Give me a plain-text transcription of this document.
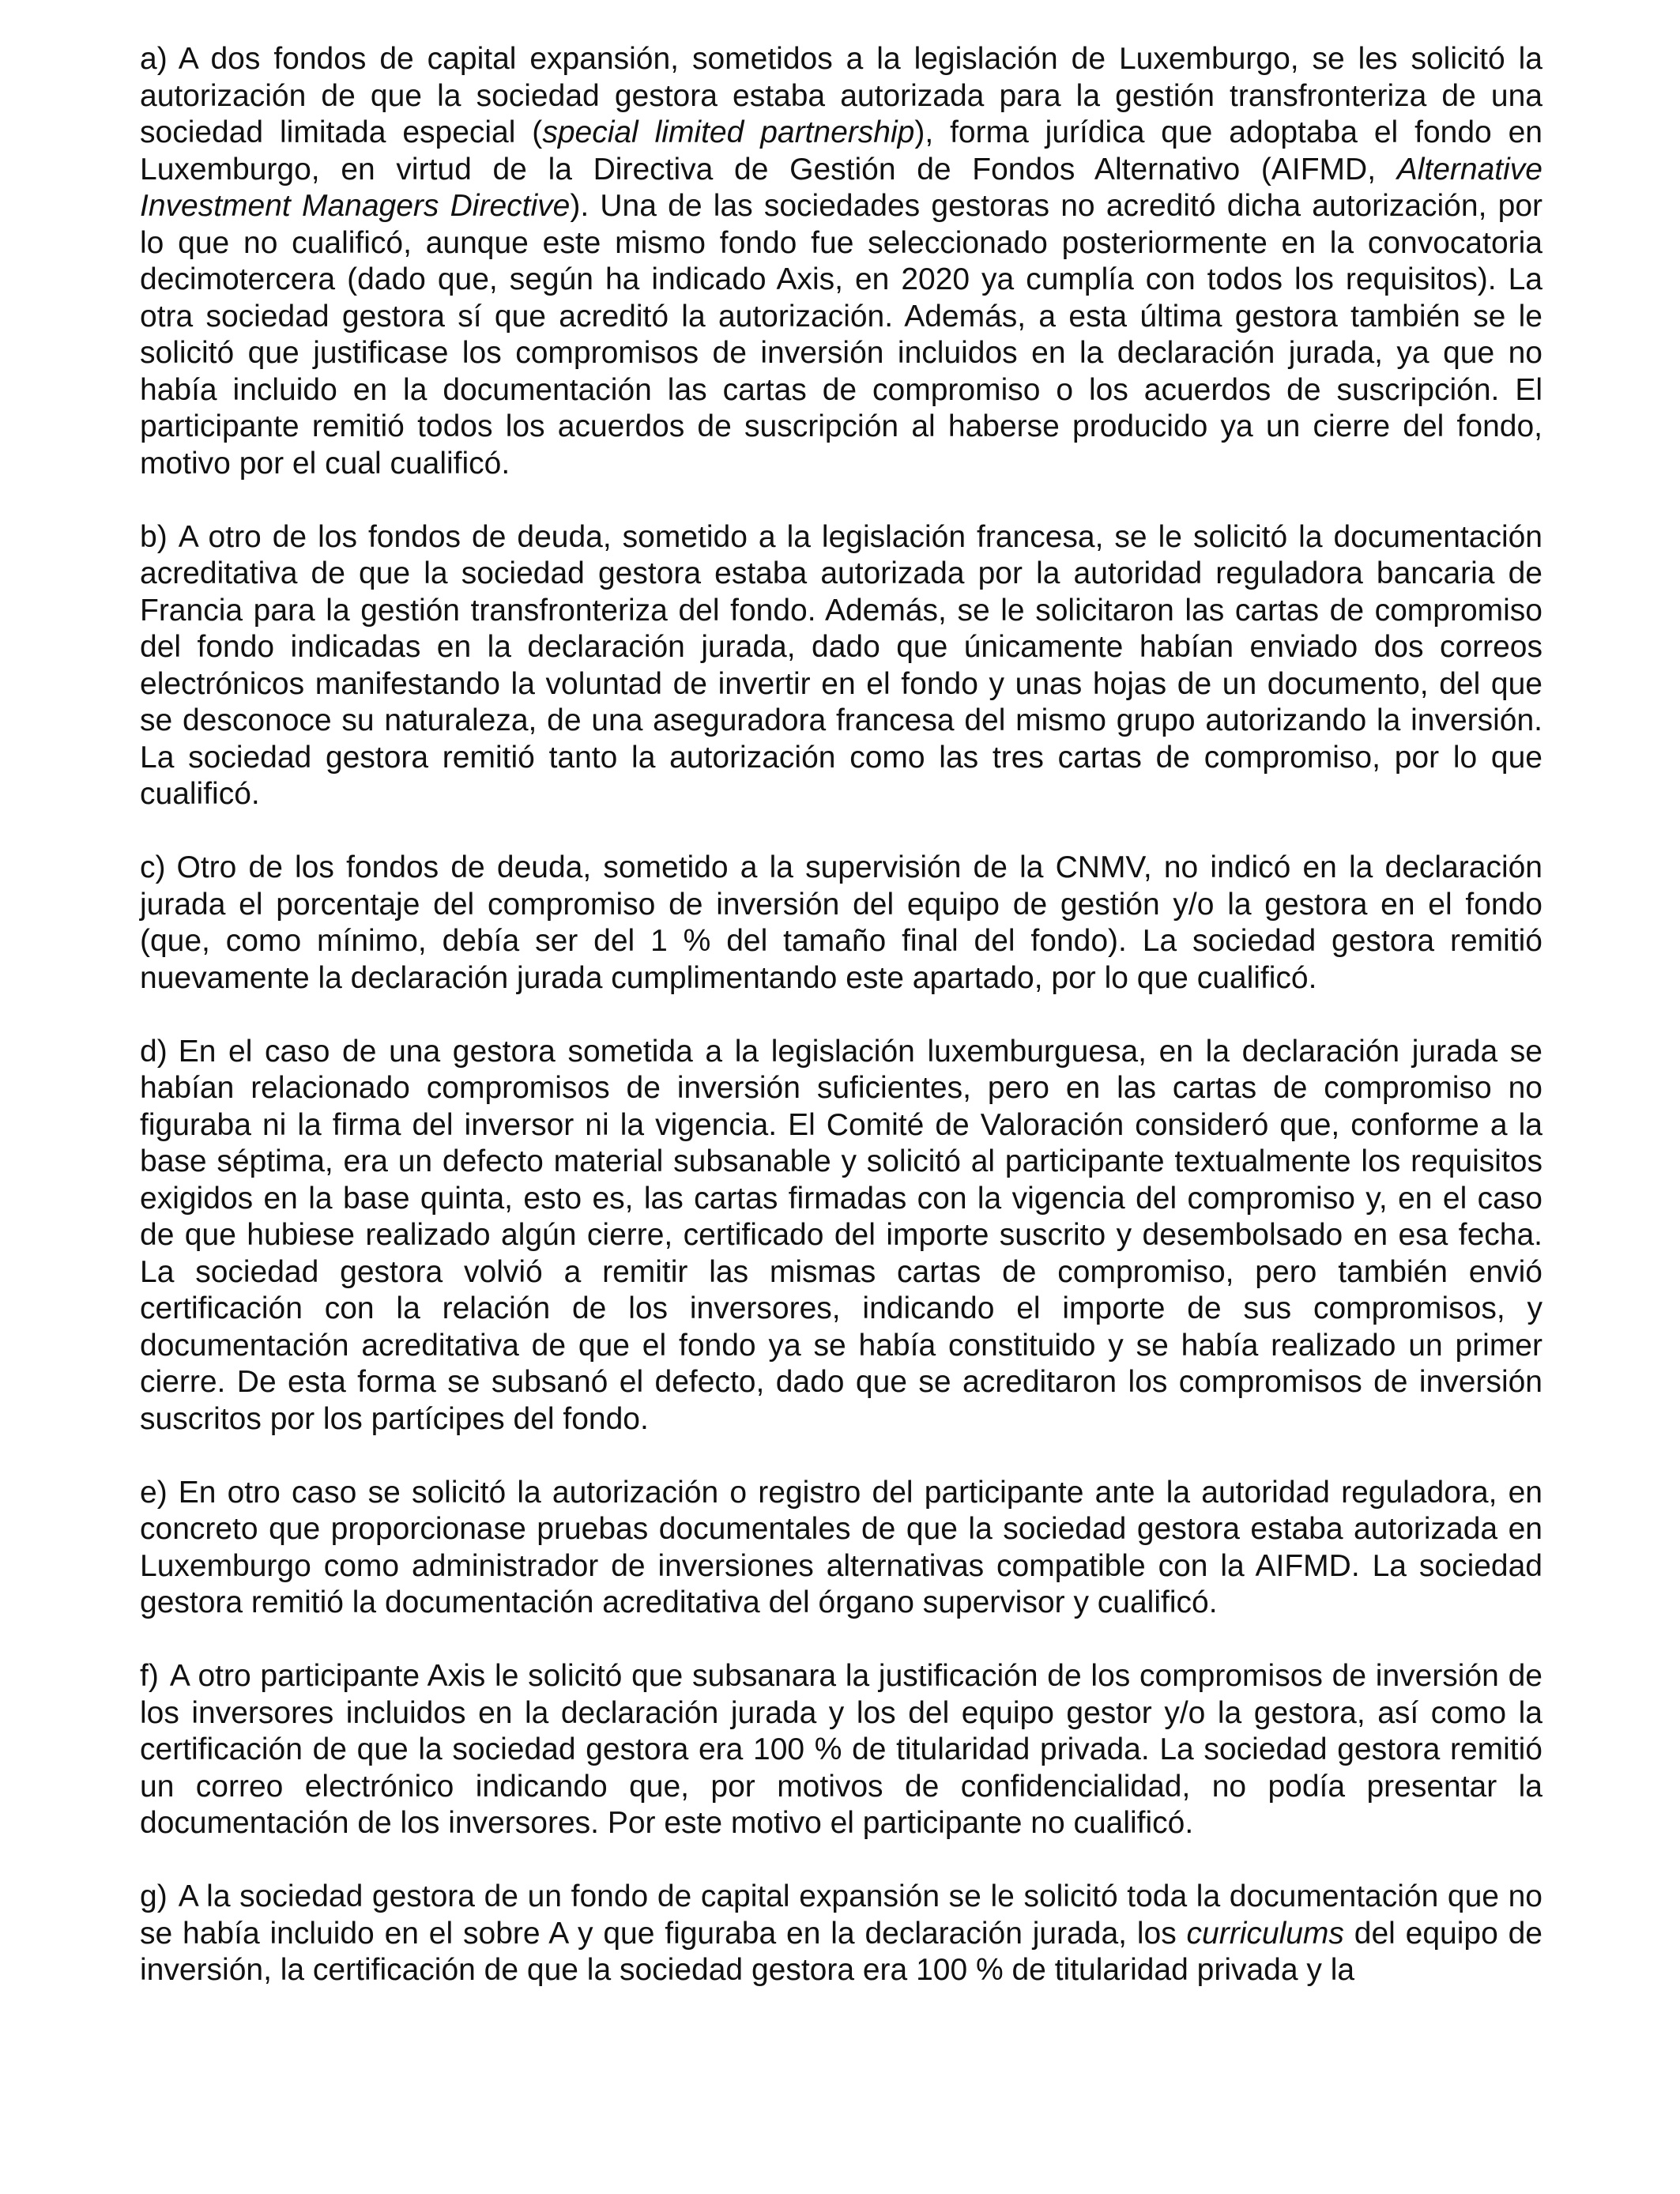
a) A dos fondos de capital expansión, sometidos a la legislación de Luxemburgo, se les solicitó la autorización de que la sociedad gestora estaba autorizada para la gestión transfronteriza de una sociedad limitada especial (special limited partnership), forma jurídica que adoptaba el fondo en Luxemburgo, en virtud de la Directiva de Gestión de Fondos Alternativo (AIFMD, Alternative Investment Managers Directive). Una de las sociedades gestoras no acreditó dicha autorización, por lo que no cualificó, aunque este mismo fondo fue seleccionado posteriormente en la convocatoria decimotercera (dado que, según ha indicado Axis, en 2020 ya cumplía con todos los requisitos). La otra sociedad gestora sí que acreditó la autorización. Además, a esta última gestora también se le solicitó que justificase los compromisos de inversión incluidos en la declaración jurada, ya que no había incluido en la documentación las cartas de compromiso o los acuerdos de suscripción. El participante remitió todos los acuerdos de suscripción al haberse producido ya un cierre del fondo, motivo por el cual cualificó.

b) A otro de los fondos de deuda, sometido a la legislación francesa, se le solicitó la documentación acreditativa de que la sociedad gestora estaba autorizada por la autoridad reguladora bancaria de Francia para la gestión transfronteriza del fondo. Además, se le solicitaron las cartas de compromiso del fondo indicadas en la declaración jurada, dado que únicamente habían enviado dos correos electrónicos manifestando la voluntad de invertir en el fondo y unas hojas de un documento, del que se desconoce su naturaleza, de una aseguradora francesa del mismo grupo autorizando la inversión. La sociedad gestora remitió tanto la autorización como las tres cartas de compromiso, por lo que cualificó.

c) Otro de los fondos de deuda, sometido a la supervisión de la CNMV, no indicó en la declaración jurada el porcentaje del compromiso de inversión del equipo de gestión y/o la gestora en el fondo (que, como mínimo, debía ser del 1 % del tamaño final del fondo). La sociedad gestora remitió nuevamente la declaración jurada cumplimentando este apartado, por lo que cualificó.

d) En el caso de una gestora sometida a la legislación luxemburguesa, en la declaración jurada se habían relacionado compromisos de inversión suficientes, pero en las cartas de compromiso no figuraba ni la firma del inversor ni la vigencia. El Comité de Valoración consideró que, conforme a la base séptima, era un defecto material subsanable y solicitó al participante textualmente los requisitos exigidos en la base quinta, esto es, las cartas firmadas con la vigencia del compromiso y, en el caso de que hubiese realizado algún cierre, certificado del importe suscrito y desembolsado en esa fecha. La sociedad gestora volvió a remitir las mismas cartas de compromiso, pero también envió certificación con la relación de los inversores, indicando el importe de sus compromisos, y documentación acreditativa de que el fondo ya se había constituido y se había realizado un primer cierre. De esta forma se subsanó el defecto, dado que se acreditaron los compromisos de inversión suscritos por los partícipes del fondo.

e) En otro caso se solicitó la autorización o registro del participante ante la autoridad reguladora, en concreto que proporcionase pruebas documentales de que la sociedad gestora estaba autorizada en Luxemburgo como administrador de inversiones alternativas compatible con la AIFMD. La sociedad gestora remitió la documentación acreditativa del órgano supervisor y cualificó.

f) A otro participante Axis le solicitó que subsanara la justificación de los compromisos de inversión de los inversores incluidos en la declaración jurada y los del equipo gestor y/o la gestora, así como la certificación de que la sociedad gestora era 100 % de titularidad privada. La sociedad gestora remitió un correo electrónico indicando que, por motivos de confidencialidad, no podía presentar la documentación de los inversores. Por este motivo el participante no cualificó.

g) A la sociedad gestora de un fondo de capital expansión se le solicitó toda la documentación que no se había incluido en el sobre A y que figuraba en la declaración jurada, los curriculums del equipo de inversión, la certificación de que la sociedad gestora era 100 % de titularidad privada y la
